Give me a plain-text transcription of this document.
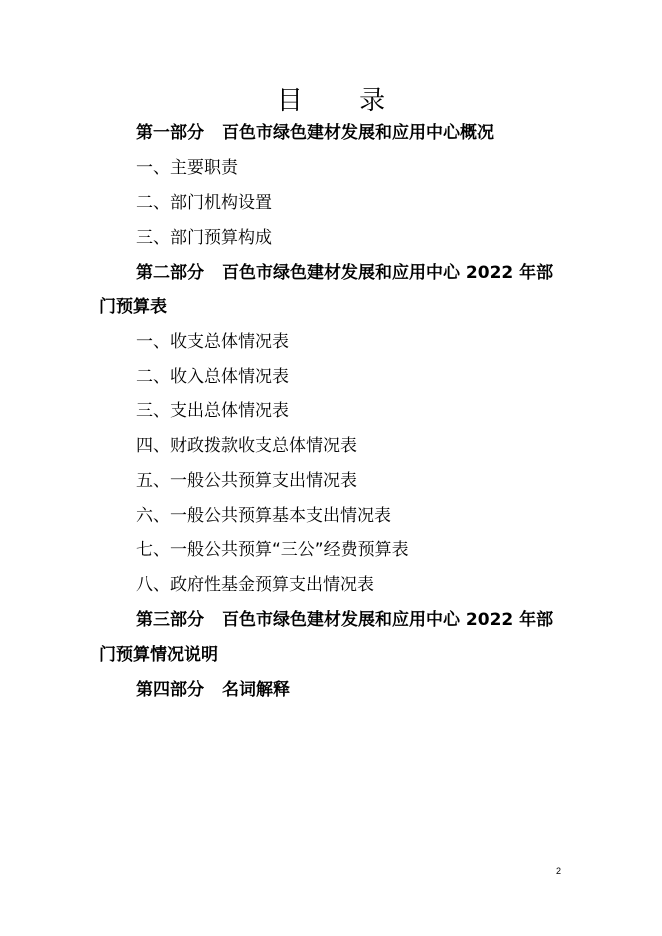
目 录
第一部分 百色市绿色建材发展和应用中心概况
一、主要职责
二、部门机构设置
三、部门预算构成
第二部分 百色市绿色建材发展和应用中心 2022 年部
门预算表
一、收支总体情况表
二、收入总体情况表
三、支出总体情况表
四、财政拨款收支总体情况表
五、一般公共预算支出情况表
六、一般公共预算基本支出情况表
七、一般公共预算“三公”经费预算表
八、政府性基金预算支出情况表
第三部分 百色市绿色建材发展和应用中心 2022 年部
门预算情况说明
第四部分 名词解释
2
